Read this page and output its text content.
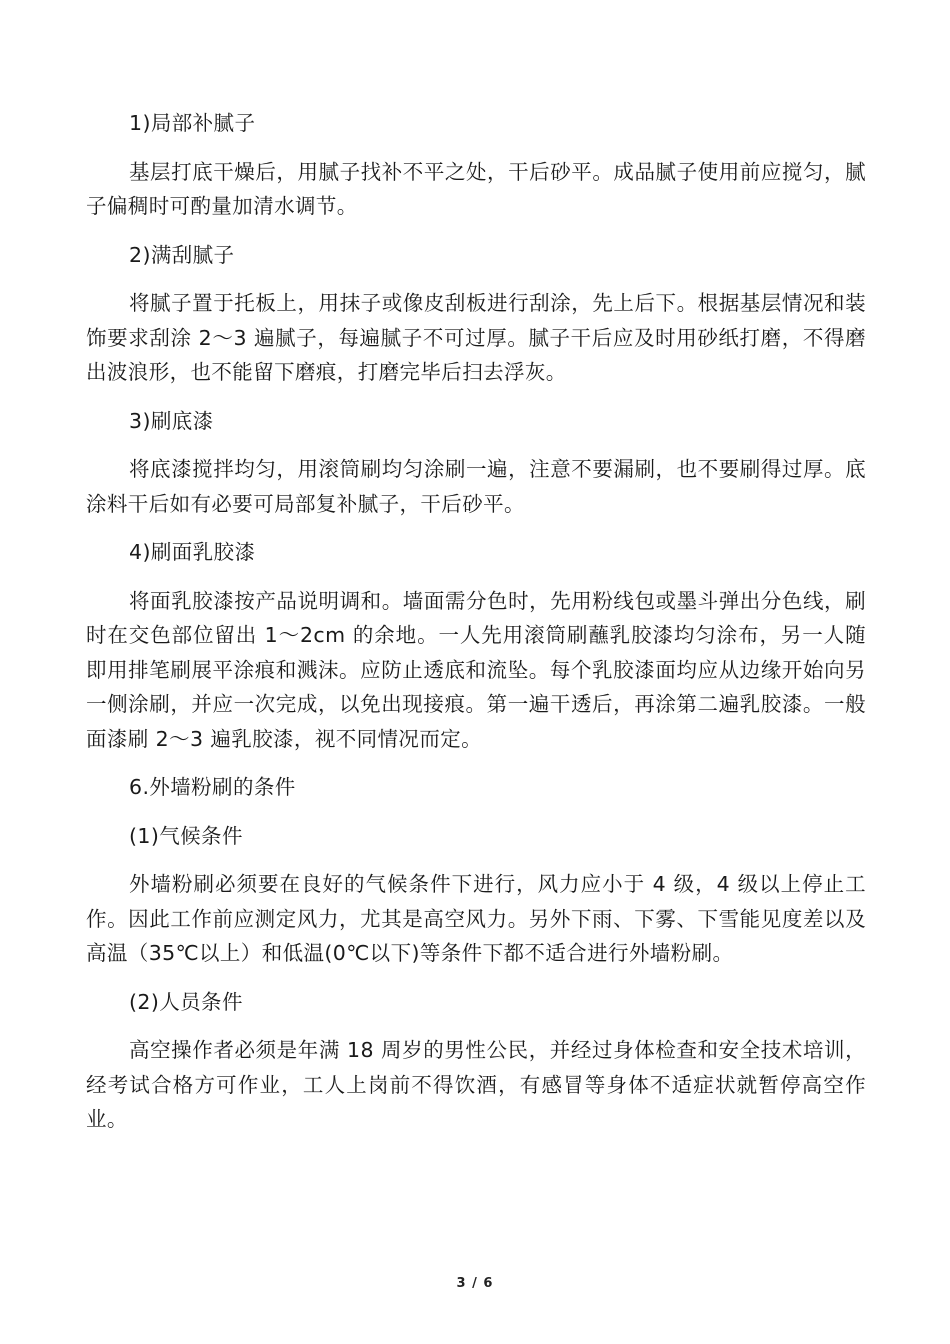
1)局部补腻子

基层打底干燥后，用腻子找补不平之处，干后砂平。成品腻子使用前应搅匀，腻子偏稠时可酌量加清水调节。

2)满刮腻子

将腻子置于托板上，用抹子或像皮刮板进行刮涂，先上后下。根据基层情况和装饰要求刮涂 2～3 遍腻子，每遍腻子不可过厚。腻子干后应及时用砂纸打磨，不得磨出波浪形，也不能留下磨痕，打磨完毕后扫去浮灰。

3)刷底漆

将底漆搅拌均匀，用滚筒刷均匀涂刷一遍，注意不要漏刷，也不要刷得过厚。底涂料干后如有必要可局部复补腻子，干后砂平。

4)刷面乳胶漆

将面乳胶漆按产品说明调和。墙面需分色时，先用粉线包或墨斗弹出分色线，刷时在交色部位留出 1～2cm 的余地。一人先用滚筒刷蘸乳胶漆均匀涂布，另一人随即用排笔刷展平涂痕和溅沫。应防止透底和流坠。每个乳胶漆面均应从边缘开始向另一侧涂刷，并应一次完成，以免出现接痕。第一遍干透后，再涂第二遍乳胶漆。一般面漆刷 2～3 遍乳胶漆，视不同情况而定。

6.外墙粉刷的条件

(1)气候条件

外墙粉刷必须要在良好的气候条件下进行，风力应小于 4 级，4 级以上停止工作。因此工作前应测定风力，尤其是高空风力。另外下雨、下雾、下雪能见度差以及高温（35℃以上）和低温(0℃以下)等条件下都不适合进行外墙粉刷。

(2)人员条件

高空操作者必须是年满 18 周岁的男性公民，并经过身体检查和安全技术培训，经考试合格方可作业，工人上岗前不得饮酒，有感冒等身体不适症状就暂停高空作业。

3 / 6
